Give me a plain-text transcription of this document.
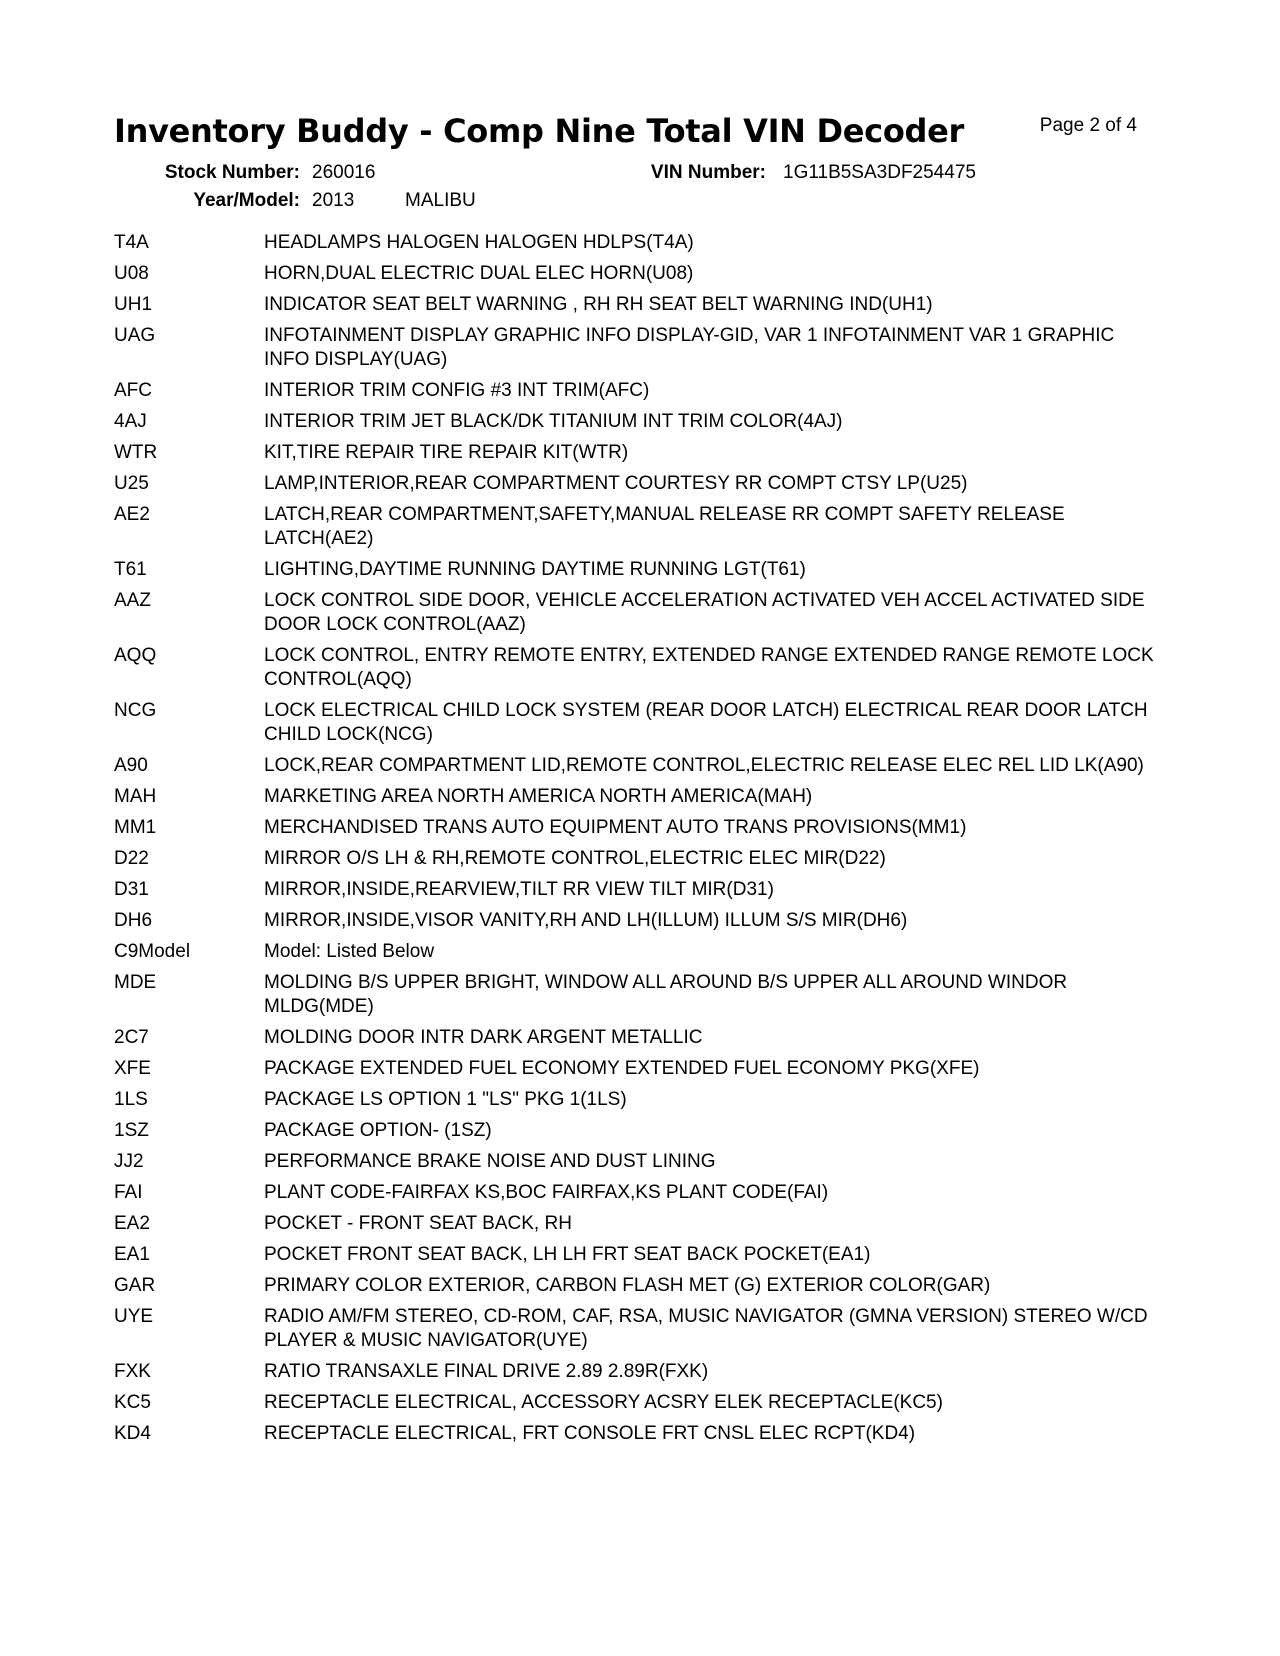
Inventory Buddy - Comp Nine Total VIN Decoder	Page 2 of 4
Stock Number: 260016	VIN Number: 1G11B5SA3DF254475
Year/Model: 2013	MALIBU
T4A	HEADLAMPS HALOGEN HALOGEN HDLPS(T4A)
U08	HORN,DUAL ELECTRIC DUAL ELEC HORN(U08)
UH1	INDICATOR SEAT BELT WARNING , RH RH SEAT BELT WARNING IND(UH1)
UAG	INFOTAINMENT DISPLAY GRAPHIC INFO DISPLAY-GID, VAR 1 INFOTAINMENT VAR 1 GRAPHIC INFO DISPLAY(UAG)
AFC	INTERIOR TRIM CONFIG #3 INT TRIM(AFC)
4AJ	INTERIOR TRIM JET BLACK/DK TITANIUM INT TRIM COLOR(4AJ)
WTR	KIT,TIRE REPAIR TIRE REPAIR KIT(WTR)
U25	LAMP,INTERIOR,REAR COMPARTMENT COURTESY RR COMPT CTSY LP(U25)
AE2	LATCH,REAR COMPARTMENT,SAFETY,MANUAL RELEASE RR COMPT SAFETY RELEASE LATCH(AE2)
T61	LIGHTING,DAYTIME RUNNING DAYTIME RUNNING LGT(T61)
AAZ	LOCK CONTROL SIDE DOOR, VEHICLE ACCELERATION ACTIVATED VEH ACCEL ACTIVATED SIDE DOOR LOCK CONTROL(AAZ)
AQQ	LOCK CONTROL, ENTRY REMOTE ENTRY, EXTENDED RANGE EXTENDED RANGE REMOTE LOCK CONTROL(AQQ)
NCG	LOCK ELECTRICAL CHILD LOCK SYSTEM (REAR DOOR LATCH) ELECTRICAL REAR DOOR LATCH CHILD LOCK(NCG)
A90	LOCK,REAR COMPARTMENT LID,REMOTE CONTROL,ELECTRIC RELEASE ELEC REL LID LK(A90)
MAH	MARKETING AREA NORTH AMERICA NORTH AMERICA(MAH)
MM1	MERCHANDISED TRANS AUTO EQUIPMENT AUTO TRANS PROVISIONS(MM1)
D22	MIRROR O/S LH & RH,REMOTE CONTROL,ELECTRIC ELEC MIR(D22)
D31	MIRROR,INSIDE,REARVIEW,TILT RR VIEW TILT MIR(D31)
DH6	MIRROR,INSIDE,VISOR VANITY,RH AND LH(ILLUM) ILLUM S/S MIR(DH6)
C9Model	Model: Listed Below
MDE	MOLDING B/S UPPER BRIGHT, WINDOW ALL AROUND B/S UPPER ALL AROUND WINDOR MLDG(MDE)
2C7	MOLDING DOOR INTR DARK ARGENT METALLIC
XFE	PACKAGE EXTENDED FUEL ECONOMY EXTENDED FUEL ECONOMY PKG(XFE)
1LS	PACKAGE LS OPTION 1 "LS" PKG 1(1LS)
1SZ	PACKAGE OPTION- (1SZ)
JJ2	PERFORMANCE BRAKE NOISE AND DUST LINING
FAI	PLANT CODE-FAIRFAX KS,BOC FAIRFAX,KS PLANT CODE(FAI)
EA2	POCKET - FRONT SEAT BACK, RH
EA1	POCKET FRONT SEAT BACK, LH LH FRT SEAT BACK POCKET(EA1)
GAR	PRIMARY COLOR EXTERIOR, CARBON FLASH MET (G) EXTERIOR COLOR(GAR)
UYE	RADIO AM/FM STEREO, CD-ROM, CAF, RSA, MUSIC NAVIGATOR (GMNA VERSION) STEREO W/CD PLAYER & MUSIC NAVIGATOR(UYE)
FXK	RATIO TRANSAXLE FINAL DRIVE 2.89 2.89R(FXK)
KC5	RECEPTACLE ELECTRICAL, ACCESSORY ACSRY ELEK RECEPTACLE(KC5)
KD4	RECEPTACLE ELECTRICAL, FRT CONSOLE FRT CNSL ELEC RCPT(KD4)
